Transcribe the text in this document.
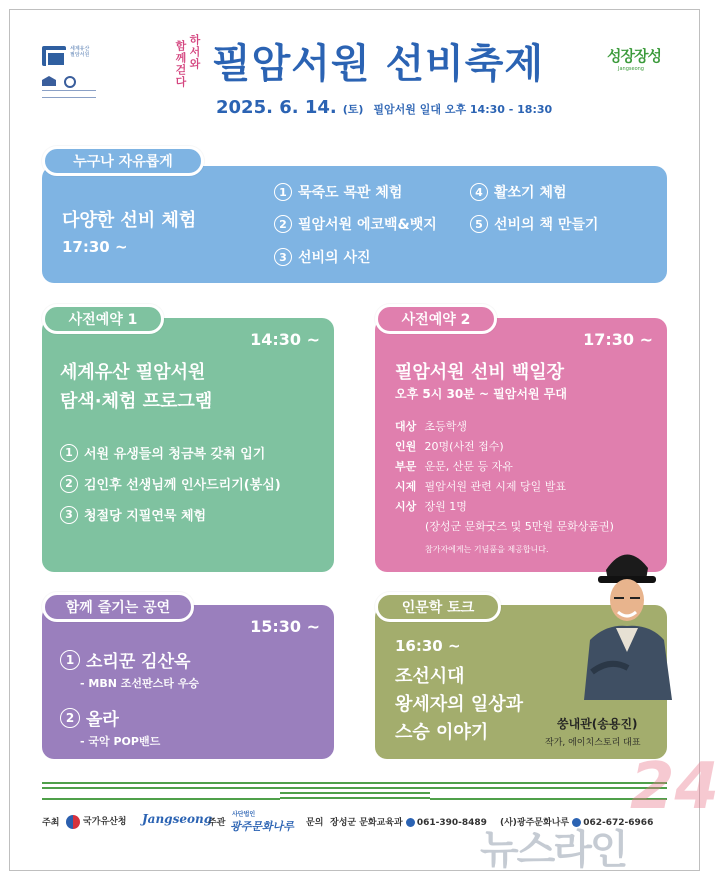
세계유산 필암서원	하서와
함께걷다 필암서원 선비축제
2025. 6. 14. (토) 필암서원 일대 오후 14:30 - 18:30
성장장성
Jangseong
다양한 선비 체험
17:30 ~
1 묵죽도 목판 체험
2 필암서원 에코백&뱃지
3 선비의 사진
4 활쏘기 체험
5 선비의 책 만들기
누구나 자유롭게
14:30 ~
세계유산 필암서원
탐색·체험 프로그램
1 서원 유생들의 청금복 갖춰 입기
2 김인후 선생님께 인사드리기(봉심)
3 청절당 지필연묵 체험
사전예약 1
17:30 ~
필암서원 선비 백일장
오후 5시 30분 ~ 필암서원 무대
대상 초등학생
인원 20명(사전 접수)
부문 운문, 산문 등 자유
시제 필암서원 관련 시제 당일 발표
시상 장원 1명
(장성군 문화굿즈 및 5만원 문화상품권)
참가자에게는 기념품을 제공합니다.
사전예약 2
15:30 ~
1 소리꾼 김산옥
- MBN 조선판스타 우승
2 올라
- 국악 POP밴드
함께 즐기는 공연
16:30 ~
조선시대
왕세자의 일상과
스승 이야기	쑹내관(송용진)
작가, 에이치스토리 대표
인문학 토크
주최	국가유산청 Jangseong
주관
사단법인
광주문화나루 문의 장성군 문화교육과 061-390-8489 (사)광주문화나루 062-672-6966
뉴스라인
24
